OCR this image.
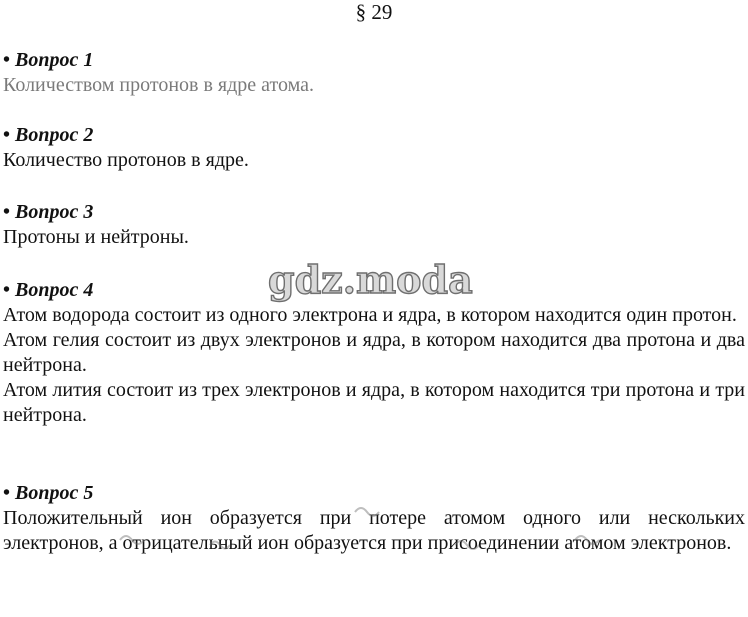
§ 29
• Вопрос 1

Количеством протонов в ядре атома.

• Вопрос 2

Количество протонов в ядре.

• Вопрос 3

Протоны и нейтроны.

• Вопрос 4

Атом водорода состоит из одного электрона и ядра, в котором находится один протон.

Атом гелия состоит из двух электронов и ядра, в котором находится два протона и два нейтрона.

Атом лития состоит из трех электронов и ядра, в котором находится три протона и три нейтрона.

• Вопрос 5

Положительный ион образуется при потере атомом одного или нескольких электронов, а отрицательный ион образуется при присоединении атомом электронов.

gdz.moda
